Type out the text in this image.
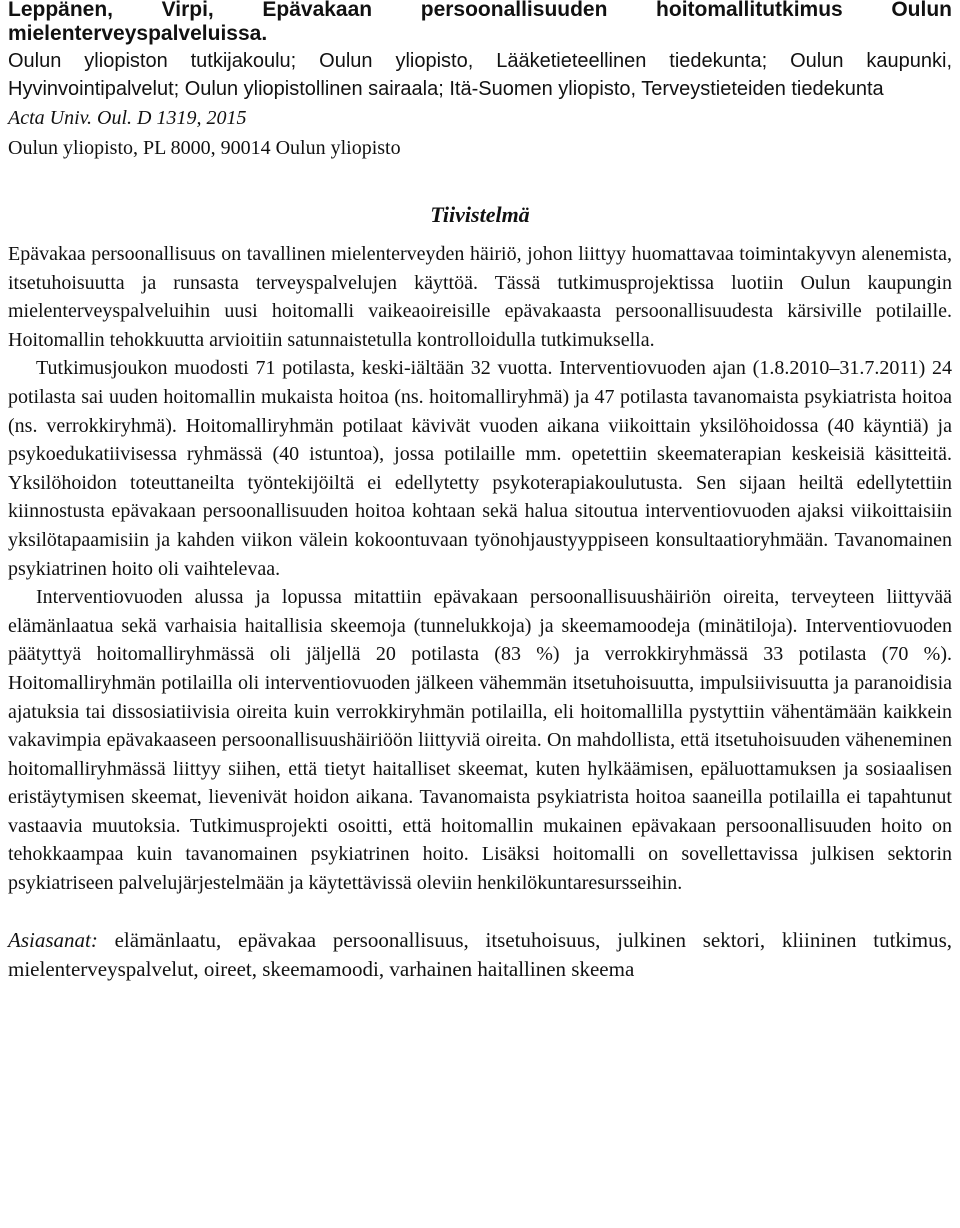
Leppänen, Virpi, Epävakaan persoonallisuuden hoitomallitutkimus Oulun
mielenterveyspalveluissa.
Oulun yliopiston tutkijakoulu; Oulun yliopisto, Lääketieteellinen tiedekunta; Oulun kaupunki, Hyvinvointipalvelut; Oulun yliopistollinen sairaala; Itä-Suomen yliopisto, Terveystieteiden tiedekunta
Acta Univ. Oul. D 1319, 2015
Oulun yliopisto, PL 8000, 90014 Oulun yliopisto
Tiivistelmä

Epävakaa persoonallisuus on tavallinen mielenterveyden häiriö, johon liittyy huomattavaa toimintakyvyn alenemista, itsetuhoisuutta ja runsasta terveyspalvelujen käyttöä. Tässä tutkimusprojektissa luotiin Oulun kaupungin mielenterveyspalveluihin uusi hoitomalli vaikeaoireisille epävakaasta persoonallisuudesta kärsiville potilaille. Hoitomallin tehokkuutta arvioitiin satunnaistetulla kontrolloidulla tutkimuksella.

Tutkimusjoukon muodosti 71 potilasta, keski-iältään 32 vuotta. Interventiovuoden ajan (1.8.2010–31.7.2011) 24 potilasta sai uuden hoitomallin mukaista hoitoa (ns. hoitomalliryhmä) ja 47 potilasta tavanomaista psykiatrista hoitoa (ns. verrokkiryhmä). Hoitomalliryhmän potilaat kävivät vuoden aikana viikoittain yksilöhoidossa (40 käyntiä) ja psykoedukatiivisessa ryhmässä (40 istuntoa), jossa potilaille mm. opetettiin skeematerapian keskeisiä käsitteitä. Yksilöhoidon toteuttaneilta työntekijöiltä ei edellytetty psykoterapiakoulutusta. Sen sijaan heiltä edellytettiin kiinnostusta epävakaan persoonallisuuden hoitoa kohtaan sekä halua sitoutua interventiovuoden ajaksi viikoittaisiin yksilötapaamisiin ja kahden viikon välein kokoontuvaan työnohjaustyyppiseen konsultaatioryhmään. Tavanomainen psykiatrinen hoito oli vaihtelevaa.

Interventiovuoden alussa ja lopussa mitattiin epävakaan persoonallisuushäiriön oireita, terveyteen liittyvää elämänlaatua sekä varhaisia haitallisia skeemoja (tunnelukkoja) ja skeemamoodeja (minätiloja). Interventiovuoden päätyttyä hoitomalliryhmässä oli jäljellä 20 potilasta (83 %) ja verrokkiryhmässä 33 potilasta (70 %). Hoitomalliryhmän potilailla oli interventiovuoden jälkeen vähemmän itsetuhoisuutta, impulsiivisuutta ja paranoidisia ajatuksia tai dissosiatiivisia oireita kuin verrokkiryhmän potilailla, eli hoitomallilla pystyttiin vähentämään kaikkein vakavimpia epävakaaseen persoonallisuushäiriöön liittyviä oireita. On mahdollista, että itsetuhoisuuden väheneminen hoitomalliryhmässä liittyy siihen, että tietyt haitalliset skeemat, kuten hylkäämisen, epäluottamuksen ja sosiaalisen eristäytymisen skeemat, lievenivät hoidon aikana. Tavanomaista psykiatrista hoitoa saaneilla potilailla ei tapahtunut vastaavia muutoksia. Tutkimusprojekti osoitti, että hoitomallin mukainen epävakaan persoonallisuuden hoito on tehokkaampaa kuin tavanomainen psykiatrinen hoito. Lisäksi hoitomalli on sovellettavissa julkisen sektorin psykiatriseen palvelujärjestelmään ja käytettävissä oleviin henkilökuntaresursseihin.

Asiasanat: elämänlaatu, epävakaa persoonallisuus, itsetuhoisuus, julkinen sektori, kliininen tutkimus, mielenterveyspalvelut, oireet, skeemamoodi, varhainen haitallinen skeema
